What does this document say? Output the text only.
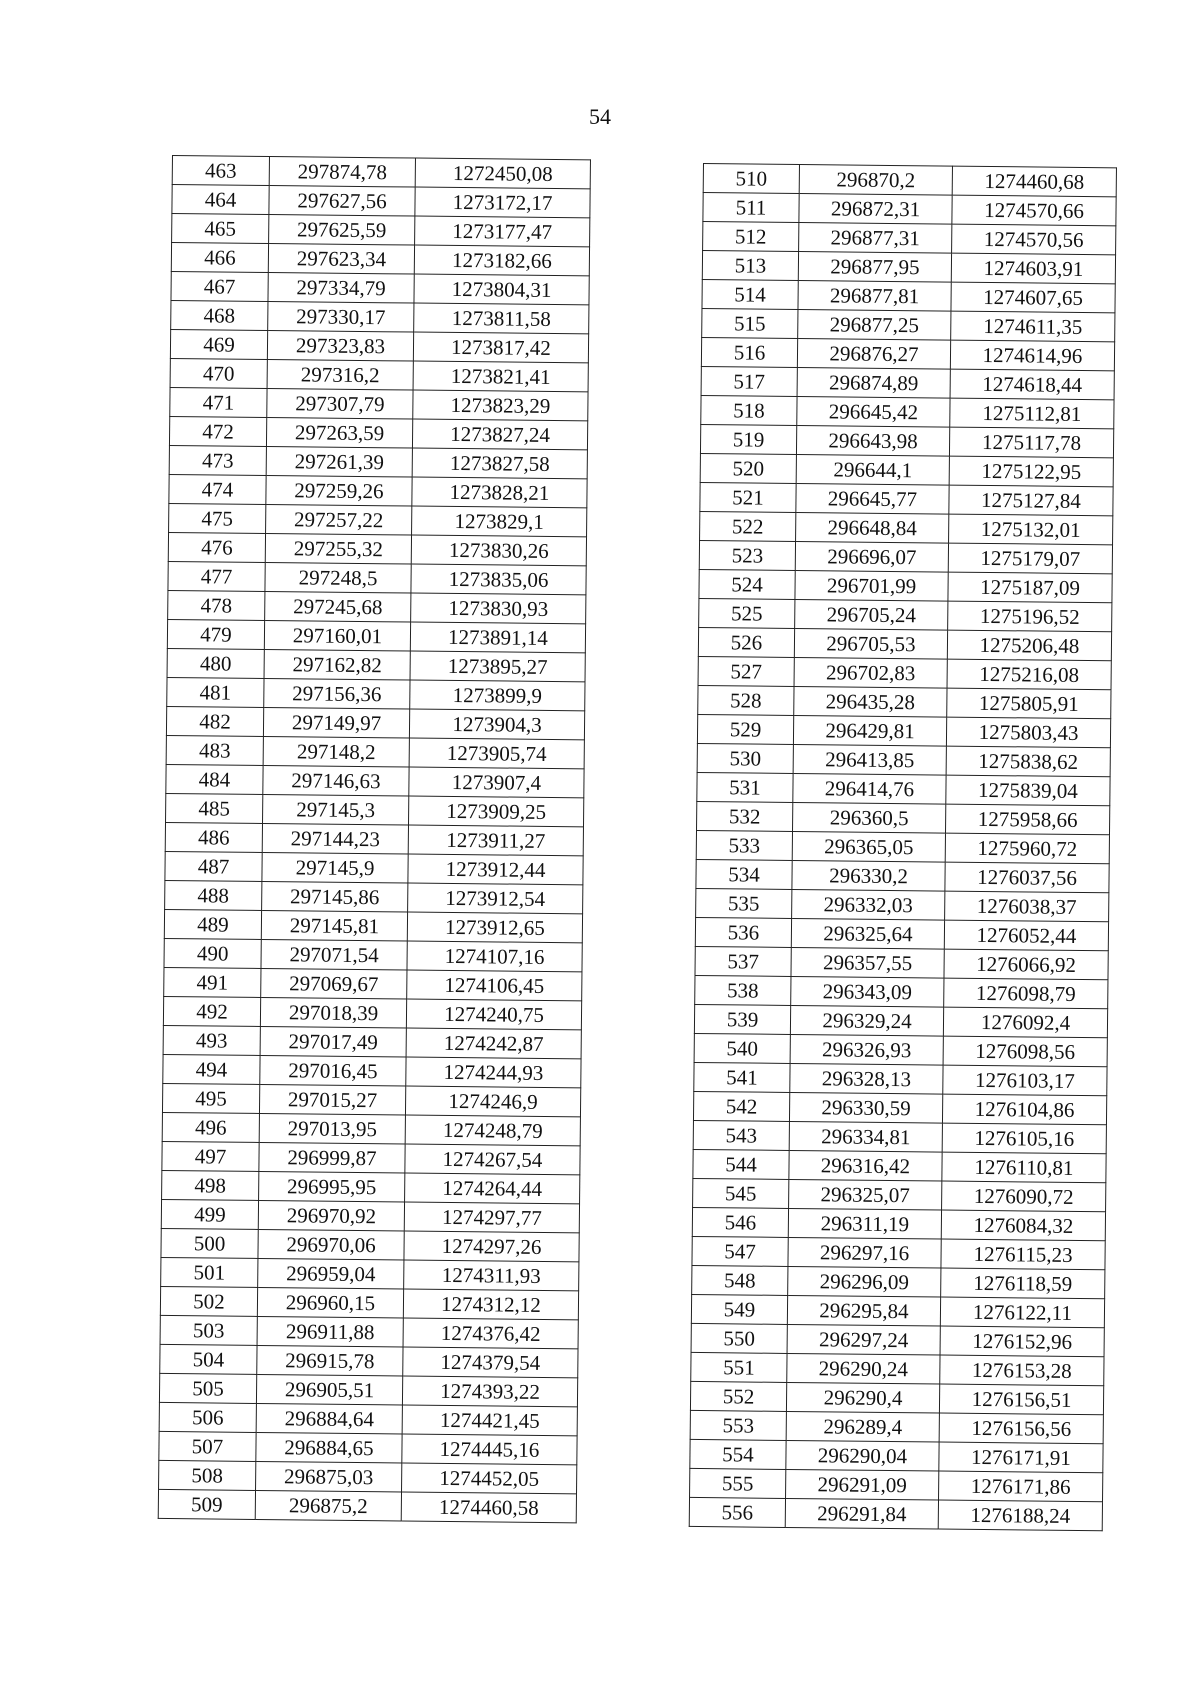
54
463	297874,78	1272450,08
464	297627,56	1273172,17
465	297625,59	1273177,47
466	297623,34	1273182,66
467	297334,79	1273804,31
468	297330,17	1273811,58
469	297323,83	1273817,42
470	297316,2	1273821,41
471	297307,79	1273823,29
472	297263,59	1273827,24
473	297261,39	1273827,58
474	297259,26	1273828,21
475	297257,22	1273829,1
476	297255,32	1273830,26
477	297248,5	1273835,06
478	297245,68	1273830,93
479	297160,01	1273891,14
480	297162,82	1273895,27
481	297156,36	1273899,9
482	297149,97	1273904,3
483	297148,2	1273905,74
484	297146,63	1273907,4
485	297145,3	1273909,25
486	297144,23	1273911,27
487	297145,9	1273912,44
488	297145,86	1273912,54
489	297145,81	1273912,65
490	297071,54	1274107,16
491	297069,67	1274106,45
492	297018,39	1274240,75
493	297017,49	1274242,87
494	297016,45	1274244,93
495	297015,27	1274246,9
496	297013,95	1274248,79
497	296999,87	1274267,54
498	296995,95	1274264,44
499	296970,92	1274297,77
500	296970,06	1274297,26
501	296959,04	1274311,93
502	296960,15	1274312,12
503	296911,88	1274376,42
504	296915,78	1274379,54
505	296905,51	1274393,22
506	296884,64	1274421,45
507	296884,65	1274445,16
508	296875,03	1274452,05
509	296875,2	1274460,58
510	296870,2	1274460,68
511	296872,31	1274570,66
512	296877,31	1274570,56
513	296877,95	1274603,91
514	296877,81	1274607,65
515	296877,25	1274611,35
516	296876,27	1274614,96
517	296874,89	1274618,44
518	296645,42	1275112,81
519	296643,98	1275117,78
520	296644,1	1275122,95
521	296645,77	1275127,84
522	296648,84	1275132,01
523	296696,07	1275179,07
524	296701,99	1275187,09
525	296705,24	1275196,52
526	296705,53	1275206,48
527	296702,83	1275216,08
528	296435,28	1275805,91
529	296429,81	1275803,43
530	296413,85	1275838,62
531	296414,76	1275839,04
532	296360,5	1275958,66
533	296365,05	1275960,72
534	296330,2	1276037,56
535	296332,03	1276038,37
536	296325,64	1276052,44
537	296357,55	1276066,92
538	296343,09	1276098,79
539	296329,24	1276092,4
540	296326,93	1276098,56
541	296328,13	1276103,17
542	296330,59	1276104,86
543	296334,81	1276105,16
544	296316,42	1276110,81
545	296325,07	1276090,72
546	296311,19	1276084,32
547	296297,16	1276115,23
548	296296,09	1276118,59
549	296295,84	1276122,11
550	296297,24	1276152,96
551	296290,24	1276153,28
552	296290,4	1276156,51
553	296289,4	1276156,56
554	296290,04	1276171,91
555	296291,09	1276171,86
556	296291,84	1276188,24
